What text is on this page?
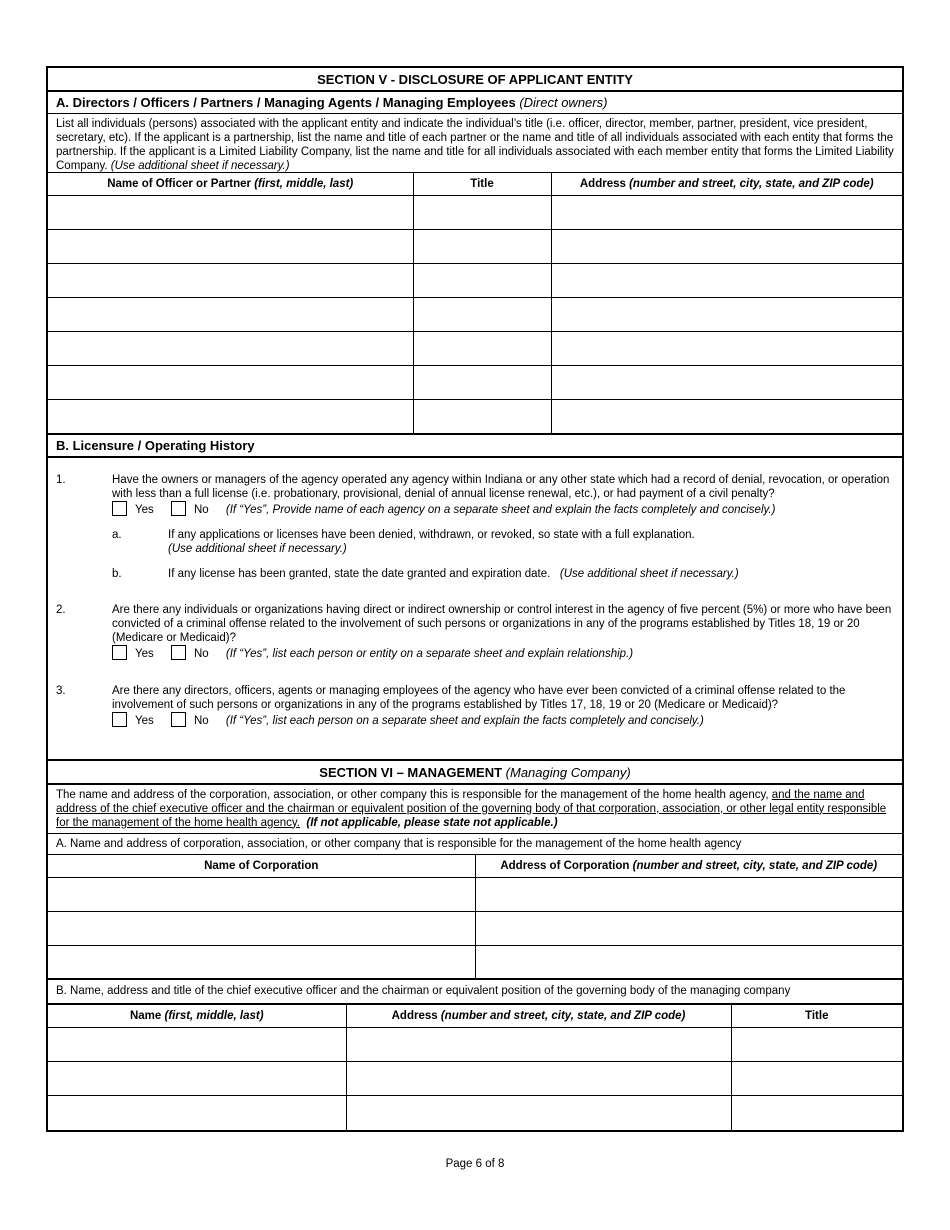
SECTION V - DISCLOSURE OF APPLICANT ENTITY
A. Directors / Officers / Partners / Managing Agents / Managing Employees (Direct owners)
List all individuals (persons) associated with the applicant entity and indicate the individual’s title (i.e. officer, director, member, partner, president, vice president, secretary, etc). If the applicant is a partnership, list the name and title of each partner or the name and title of all individuals associated with each entity that forms the partnership. If the applicant is a Limited Liability Company, list the name and title for all individuals associated with each member entity that forms the Limited Liability Company. (Use additional sheet if necessary.)
Name of Officer or Partner (first, middle, last)	Title	Address (number and street, city, state, and ZIP code)

B. Licensure / Operating History
1.	Have the owners or managers of the agency operated any agency within Indiana or any other state which had a record of denial, revocation, or operation with less than a full license (i.e. probationary, provisional, denial of annual license renewal, etc.), or had payment of a civil penalty?
Yes	No (If “Yes”, Provide name of each agency on a separate sheet and explain the facts completely and concisely.)
a.	If any applications or licenses have been denied, withdrawn, or revoked, so state with a full explanation.
(Use additional sheet if necessary.)
b.	If any license has been granted, state the date granted and expiration date. (Use additional sheet if necessary.)
2.	Are there any individuals or organizations having direct or indirect ownership or control interest in the agency of five percent (5%) or more who have been convicted of a criminal offense related to the involvement of such persons or organizations in any of the programs established by Titles 18, 19 or 20 (Medicare or Medicaid)?
Yes	No (If “Yes”, list each person or entity on a separate sheet and explain relationship.)
3.	Are there any directors, officers, agents or managing employees of the agency who have ever been convicted of a criminal offense related to the involvement of such persons or organizations in any of the programs established by Titles 17, 18, 19 or 20 (Medicare or Medicaid)?
Yes	No (If “Yes”, list each person on a separate sheet and explain the facts completely and concisely.)
SECTION VI – MANAGEMENT (Managing Company)
The name and address of the corporation, association, or other company this is responsible for the management of the home health agency, and the name and address of the chief executive officer and the chairman or equivalent position of the governing body of that corporation, association, or other legal entity responsible for the management of the home health agency. (If not applicable, please state not applicable.)
A. Name and address of corporation, association, or other company that is responsible for the management of the home health agency
Name of Corporation	Address of Corporation (number and street, city, state, and ZIP code)

B. Name, address and title of the chief executive officer and the chairman or equivalent position of the governing body of the managing company
Name (first, middle, last)	Address (number and street, city, state, and ZIP code)	Title

Page 6 of 8
